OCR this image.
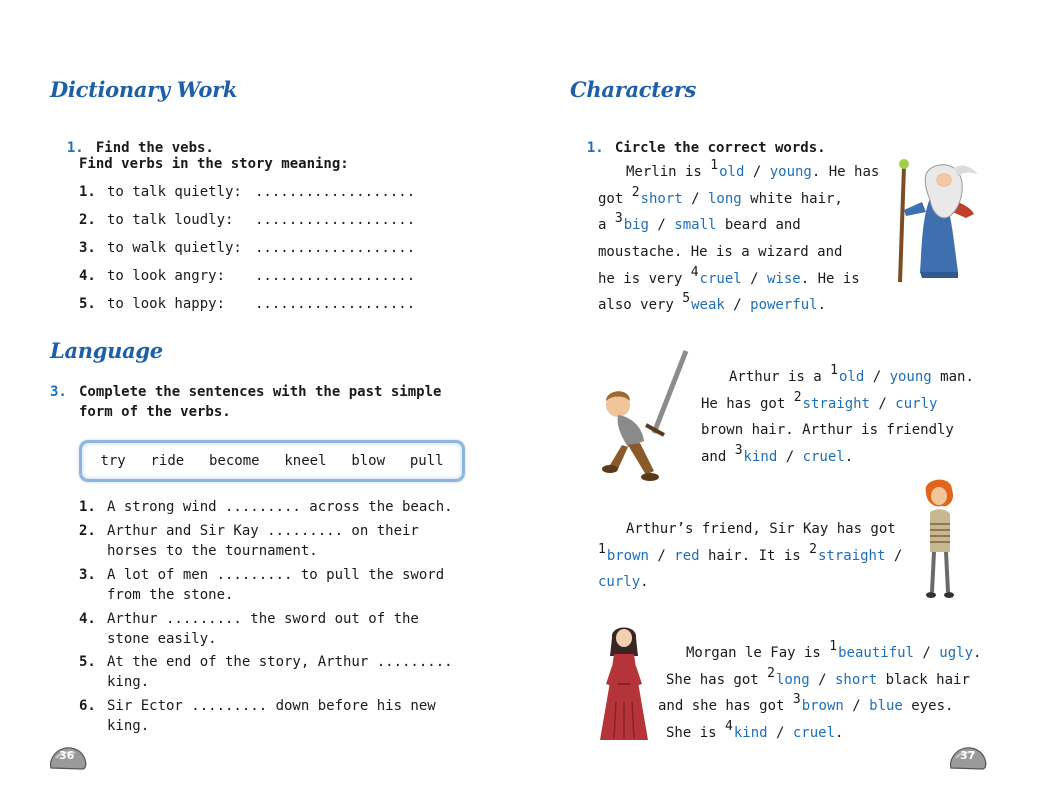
Dictionary Work

1. Find the vebs.

Find verbs in the story meaning:
1. to talk quietly: ...................
2. to talk loudly: ...................
3. to walk quietly: ...................
4. to look angry: ...................
5. to look happy: ...................
Language
3. Complete the sentences with the past simple
form of the verbs.
try ride become kneel blow pull
1. A strong wind ......... across the beach.
2. Arthur and Sir Kay ......... on their
horses to the tournament.
3. A lot of men ......... to pull the sword
from the stone.
4. Arthur ......... the sword out of the
stone easily.
5. At the end of the story, Arthur .........
king.
6. Sir Ector ......... down before his new
king.
36
Characters

1. Circle the correct words.

Merlin is $^1$old / young. He has
got $^2$short / long white hair,
a $^3$big / small beard and
moustache. He is a wizard and
he is very $^4$cruel / wise. He is
also very $^5$weak / powerful.
Arthur is a $^1$old / young man.
He has got $^2$straight / curly
brown hair. Arthur is friendly
and $^3$kind / cruel.
Arthur’s friend, Sir Kay has got
$^1$brown / red hair. It is $^2$straight /
curly.
Morgan le Fay is $^1$beautiful / ugly.
She has got $^2$long / short black hair
and she has got $^3$brown / blue eyes.
She is $^4$kind / cruel.
37
